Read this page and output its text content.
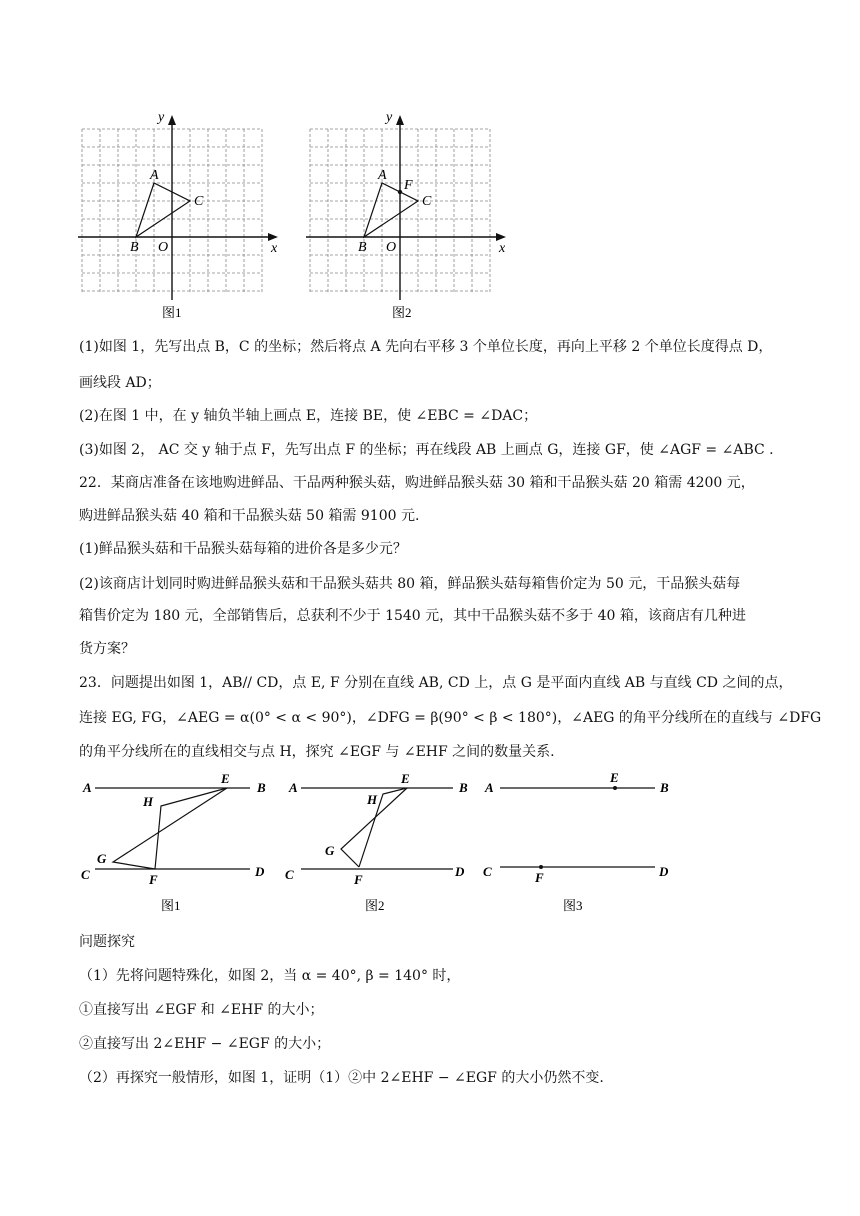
x
y
O
A
B
C
图1
x
y
O
A
B
C
F
图2
(1)如图 1，先写出点 B，C 的坐标；然后将点 A 先向右平移 3 个单位长度，再向上平移 2 个单位长度得点 D，
画线段 AD；
(2)在图 1 中，在 y 轴负半轴上画点 E，连接 BE，使 ∠EBC = ∠DAC；
(3)如图 2， AC 交 y 轴于点 F，先写出点 F 的坐标；再在线段 AB 上画点 G，连接 GF，使 ∠AGF = ∠ABC .
22．某商店准备在该地购进鲜品、干品两种猴头菇，购进鲜品猴头菇 30 箱和干品猴头菇 20 箱需 4200 元，
购进鲜品猴头菇 40 箱和干品猴头菇 50 箱需 9100 元.
(1)鲜品猴头菇和干品猴头菇每箱的进价各是多少元？
(2)该商店计划同时购进鲜品猴头菇和干品猴头菇共 80 箱，鲜品猴头菇每箱售价定为 50 元，干品猴头菇每
箱售价定为 180 元，全部销售后，总获利不少于 1540 元，其中干品猴头菇不多于 40 箱，该商店有几种进
货方案？
23．问题提出如图 1，AB// CD，点 E, F 分别在直线 AB, CD 上，点 G 是平面内直线 AB 与直线 CD 之间的点，
连接 EG, FG，∠AEG = α(0° < α < 90°)，∠DFG = β(90° < β < 180°)，∠AEG 的角平分线所在的直线与 ∠DFG
的角平分线所在的直线相交与点 H，探究 ∠EGF 与 ∠EHF 之间的数量关系.
A
E
B
H
G
C	F
D
图1
A
E
B
H
G
C	F
D
图2
A
E
B
C	F	D
图3
问题探究
（1）先将问题特殊化，如图 2，当 α = 40°, β = 140° 时，
①直接写出 ∠EGF 和 ∠EHF 的大小；
②直接写出 2∠EHF − ∠EGF 的大小；
（2）再探究一般情形，如图 1，证明（1）②中 2∠EHF − ∠EGF 的大小仍然不变.
